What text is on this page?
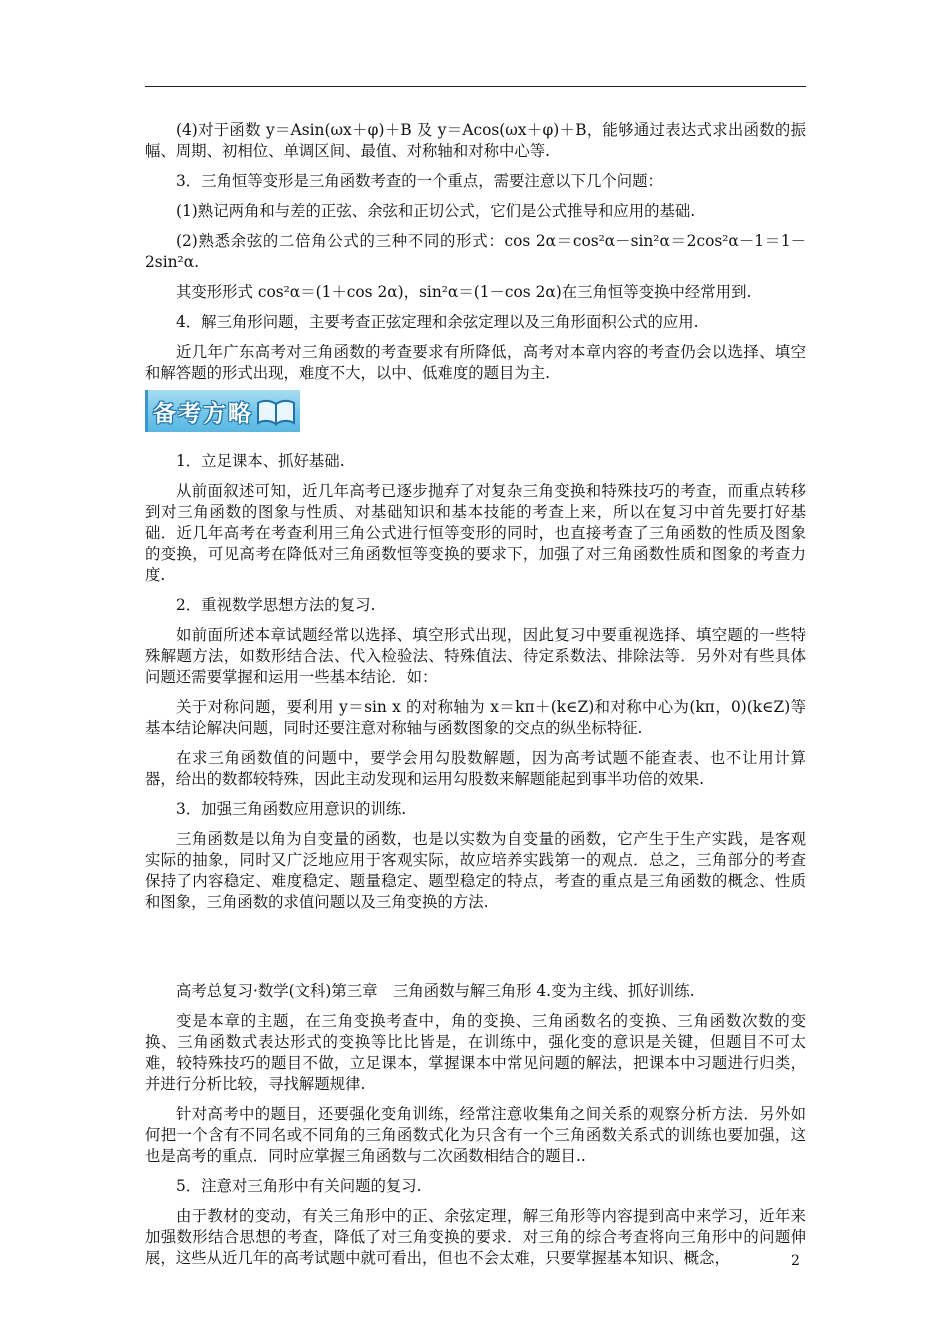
(4)对于函数 y＝Asin(ωx＋φ)＋B 及 y＝Acos(ωx＋φ)＋B，能够通过表达式求出函数的振幅、周期、初相位、单调区间、最值、对称轴和对称中心等.

3．三角恒等变形是三角函数考查的一个重点，需要注意以下几个问题：

(1)熟记两角和与差的正弦、余弦和正切公式，它们是公式推导和应用的基础.

(2)熟悉余弦的二倍角公式的三种不同的形式：cos 2α＝cos²α－sin²α＝2cos²α－1＝1－2sin²α.

其变形形式 cos²α＝(1＋cos 2α)，sin²α＝(1－cos 2α)在三角恒等变换中经常用到.

4．解三角形问题，主要考查正弦定理和余弦定理以及三角形面积公式的应用.

近几年广东高考对三角函数的考查要求有所降低，高考对本章内容的考查仍会以选择、填空和解答题的形式出现，难度不大，以中、低难度的题目为主.

备考方略

1．立足课本、抓好基础.

从前面叙述可知，近几年高考已逐步抛弃了对复杂三角变换和特殊技巧的考查，而重点转移到对三角函数的图象与性质、对基础知识和基本技能的考查上来，所以在复习中首先要打好基础．近几年高考在考查利用三角公式进行恒等变形的同时，也直接考查了三角函数的性质及图象的变换，可见高考在降低对三角函数恒等变换的要求下，加强了对三角函数性质和图象的考查力度.

2．重视数学思想方法的复习.

如前面所述本章试题经常以选择、填空形式出现，因此复习中要重视选择、填空题的一些特殊解题方法，如数形结合法、代入检验法、特殊值法、待定系数法、排除法等．另外对有些具体问题还需要掌握和运用一些基本结论．如：

关于对称问题，要利用 y＝sin x 的对称轴为 x＝kπ＋(k∈Z)和对称中心为(kπ，0)(k∈Z)等基本结论解决问题，同时还要注意对称轴与函数图象的交点的纵坐标特征.

在求三角函数值的问题中，要学会用勾股数解题，因为高考试题不能查表、也不让用计算器，给出的数都较特殊，因此主动发现和运用勾股数来解题能起到事半功倍的效果.

3．加强三角函数应用意识的训练.

三角函数是以角为自变量的函数，也是以实数为自变量的函数，它产生于生产实践，是客观实际的抽象，同时又广泛地应用于客观实际，故应培养实践第一的观点．总之，三角部分的考查保持了内容稳定、难度稳定、题量稳定、题型稳定的特点，考查的重点是三角函数的概念、性质和图象，三角函数的求值问题以及三角变换的方法.

高考总复习·数学(文科)第三章　三角函数与解三角形 4.变为主线、抓好训练.

变是本章的主题，在三角变换考查中，角的变换、三角函数名的变换、三角函数次数的变换、三角函数式表达形式的变换等比比皆是，在训练中，强化变的意识是关键，但题目不可太难，较特殊技巧的题目不做，立足课本，掌握课本中常见问题的解法，把课本中习题进行归类，并进行分析比较，寻找解题规律.

针对高考中的题目，还要强化变角训练，经常注意收集角之间关系的观察分析方法．另外如何把一个含有不同名或不同角的三角函数式化为只含有一个三角函数关系式的训练也要加强，这也是高考的重点．同时应掌握三角函数与二次函数相结合的题目..

5．注意对三角形中有关问题的复习.

由于教材的变动，有关三角形中的正、余弦定理，解三角形等内容提到高中来学习，近年来加强数形结合思想的考查，降低了对三角变换的要求．对三角的综合考查将向三角形中的问题伸展，这些从近几年的高考试题中就可看出，但也不会太难，只要掌握基本知识、概念，	2
